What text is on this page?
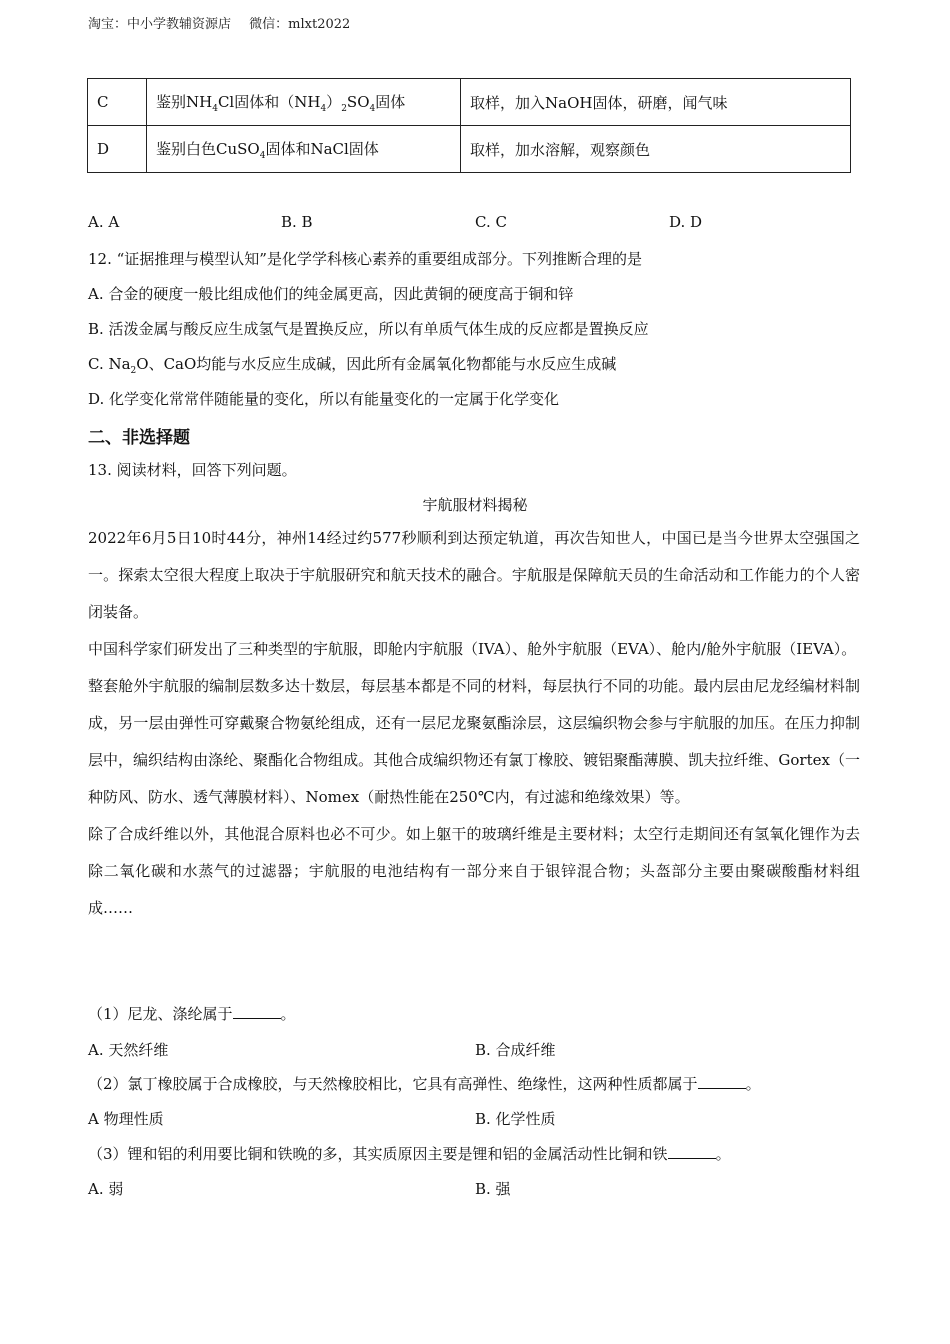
淘宝：中小学教辅资源店 微信：mlxt2022
C	鉴别$NH_4Cl$固体和$(NH_4)_2SO_4$固体	取样，加入NaOH固体，研磨，闻气味
D	鉴别白色CuSO$_4$固体和NaCl固体	取样，加水溶解，观察颜色
A. A	B. B	C. C	D. D
12. “证据推理与模型认知”是化学学科核心素养的重要组成部分。下列推断合理的是
A. 合金的硬度一般比组成他们的纯金属更高，因此黄铜的硬度高于铜和锌
B. 活泼金属与酸反应生成氢气是置换反应，所以有单质气体生成的反应都是置换反应
C. $Na_2O$、CaO均能与水反应生成碱，因此所有金属氧化物都能与水反应生成碱
D. 化学变化常常伴随能量的变化，所以有能量变化的一定属于化学变化
二、非选择题
13. 阅读材料，回答下列问题。
宇航服材料揭秘

2022年6月5日10时44分，神州14经过约577秒顺利到达预定轨道，再次告知世人，中国已是当今世界太空强国之一。探索太空很大程度上取决于宇航服研究和航天技术的融合。宇航服是保障航天员的生命活动和工作能力的个人密闭装备。

中国科学家们研发出了三种类型的宇航服，即舱内宇航服（IVA）、舱外宇航服（EVA）、舱内/舱外宇航服（IEVA）。

整套舱外宇航服的编制层数多达十数层，每层基本都是不同的材料，每层执行不同的功能。最内层由尼龙经编材料制成，另一层由弹性可穿戴聚合物氨纶组成，还有一层尼龙聚氨酯涂层，这层编织物会参与宇航服的加压。在压力抑制层中，编织结构由涤纶、聚酯化合物组成。其他合成编织物还有氯丁橡胶、镀铝聚酯薄膜、凯夫拉纤维、Gortex（一种防风、防水、透气薄膜材料）、Nomex（耐热性能在250℃内，有过滤和绝缘效果）等。

除了合成纤维以外，其他混合原料也必不可少。如上躯干的玻璃纤维是主要材料；太空行走期间还有氢氧化锂作为去除二氧化碳和水蒸气的过滤器；宇航服的电池结构有一部分来自于银锌混合物；头盔部分主要由聚碳酸酯材料组成……

（1）尼龙、涤纶属于	。
A. 天然纤维	B. 合成纤维
（2）氯丁橡胶属于合成橡胶，与天然橡胶相比，它具有高弹性、绝缘性，这两种性质都属于	。
A 物理性质	B. 化学性质
（3）锂和铝的利用要比铜和铁晚的多，其实质原因主要是锂和铝的金属活动性比铜和铁	。
A. 弱	B. 强
